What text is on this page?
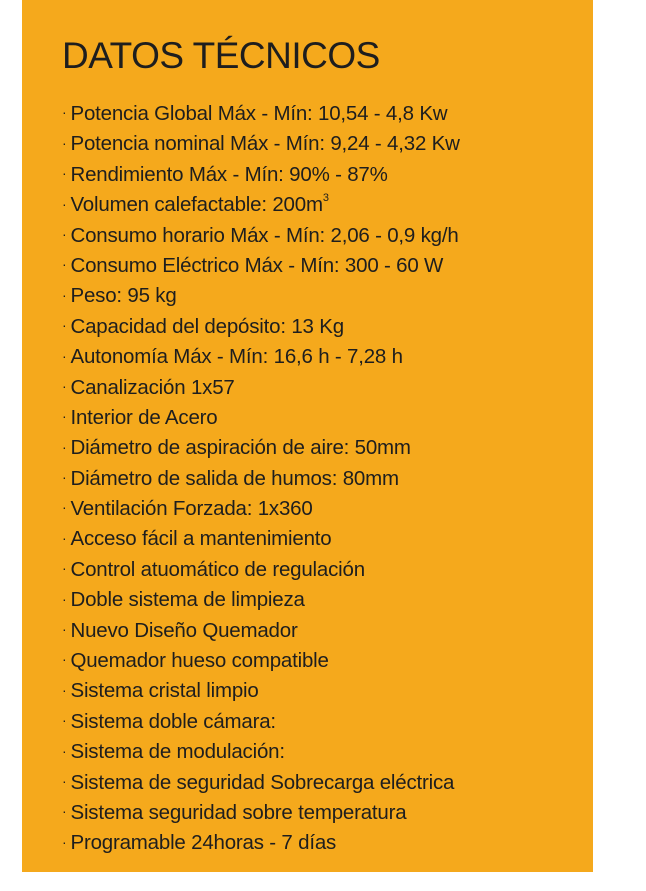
DATOS TÉCNICOS
· Potencia Global Máx - Mín: 10,54 - 4,8 Kw
· Potencia nominal Máx - Mín: 9,24 - 4,32 Kw
· Rendimiento Máx - Mín: 90% - 87%
· Volumen calefactable: $200m^3$
· Consumo horario Máx - Mín: 2,06 - 0,9 kg/h
· Consumo Eléctrico Máx - Mín: 300 - 60 W
· Peso: 95 kg
· Capacidad del depósito: 13 Kg
· Autonomía Máx - Mín: 16,6 h - 7,28 h
· Canalización 1x57
· Interior de Acero
· Diámetro de aspiración de aire: 50mm
· Diámetro de salida de humos: 80mm
· Ventilación Forzada: 1x360
· Acceso fácil a mantenimiento
· Control atuomático de regulación
· Doble sistema de limpieza
· Nuevo Diseño Quemador
· Quemador hueso compatible
· Sistema cristal limpio
· Sistema doble cámara:
· Sistema de modulación:
· Sistema de seguridad Sobrecarga eléctrica
· Sistema seguridad sobre temperatura
· Programable 24horas - 7 días
